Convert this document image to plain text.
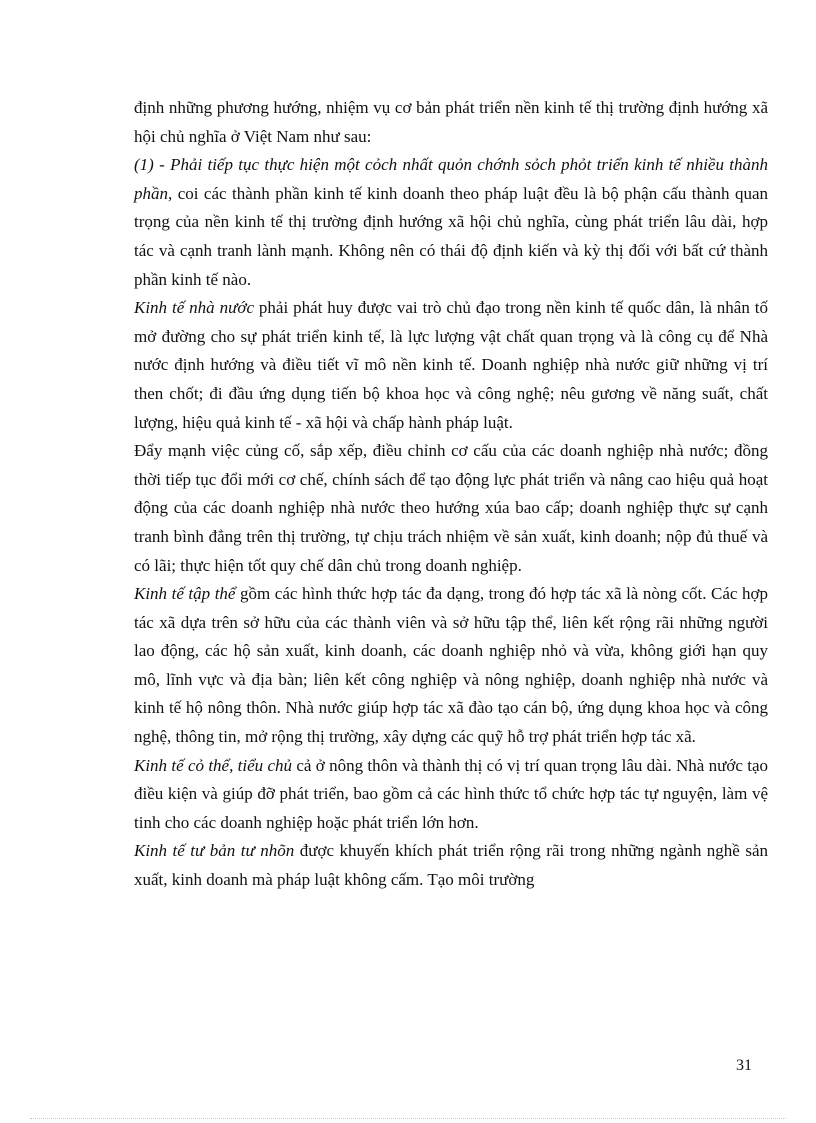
định những phương hướng, nhiệm vụ cơ bản phát triển nền kinh tế thị trường định hướng xã hội chủ nghĩa ở Việt Nam như sau:

(1) - Phải tiếp tục thực hiện một cỏch nhất quỏn chớnh sỏch phỏt triển kinh tế nhiều thành phần, coi các thành phần kinh tế kinh doanh theo pháp luật đều là bộ phận cấu thành quan trọng của nền kinh tế thị trường định hướng xã hội chủ nghĩa, cùng phát triển lâu dài, hợp tác và cạnh tranh lành mạnh. Không nên có thái độ định kiến và kỳ thị đối với bất cứ thành phần kinh tế nào.

Kinh tế nhà nước phải phát huy được vai trò chủ đạo trong nền kinh tế quốc dân, là nhân tố mở đường cho sự phát triển kinh tế, là lực lượng vật chất quan trọng và là công cụ để Nhà nước định hướng và điều tiết vĩ mô nền kinh tế. Doanh nghiệp nhà nước giữ những vị trí then chốt; đi đầu ứng dụng tiến bộ khoa học và công nghệ; nêu gương về năng suất, chất lượng, hiệu quả kinh tế - xã hội và chấp hành pháp luật.

Đẩy mạnh việc củng cố, sắp xếp, điều chỉnh cơ cấu của các doanh nghiệp nhà nước; đồng thời tiếp tục đổi mới cơ chế, chính sách để tạo động lực phát triển và nâng cao hiệu quả hoạt động của các doanh nghiệp nhà nước theo hướng xúa bao cấp; doanh nghiệp thực sự cạnh tranh bình đẳng trên thị trường, tự chịu trách nhiệm về sản xuất, kinh doanh; nộp đủ thuế và có lãi; thực hiện tốt quy chế dân chủ trong doanh nghiệp.

Kinh tế tập thể gồm các hình thức hợp tác đa dạng, trong đó hợp tác xã là nòng cốt. Các hợp tác xã dựa trên sở hữu của các thành viên và sở hữu tập thể, liên kết rộng rãi những người lao động, các hộ sản xuất, kinh doanh, các doanh nghiệp nhỏ và vừa, không giới hạn quy mô, lĩnh vực và địa bàn; liên kết công nghiệp và nông nghiệp, doanh nghiệp nhà nước và kinh tế hộ nông thôn. Nhà nước giúp hợp tác xã đào tạo cán bộ, ứng dụng khoa học và công nghệ, thông tin, mở rộng thị trường, xây dựng các quỹ hỗ trợ phát triển hợp tác xã.

Kinh tế cỏ thể, tiểu chủ cả ở nông thôn và thành thị có vị trí quan trọng lâu dài. Nhà nước tạo điều kiện và giúp đỡ phát triển, bao gồm cả các hình thức tổ chức hợp tác tự nguyện, làm vệ tinh cho các doanh nghiệp hoặc phát triển lớn hơn.

Kinh tế tư bản tư nhõn được khuyến khích phát triển rộng rãi trong những ngành nghề sản xuất, kinh doanh mà pháp luật không cấm. Tạo môi trường

31
